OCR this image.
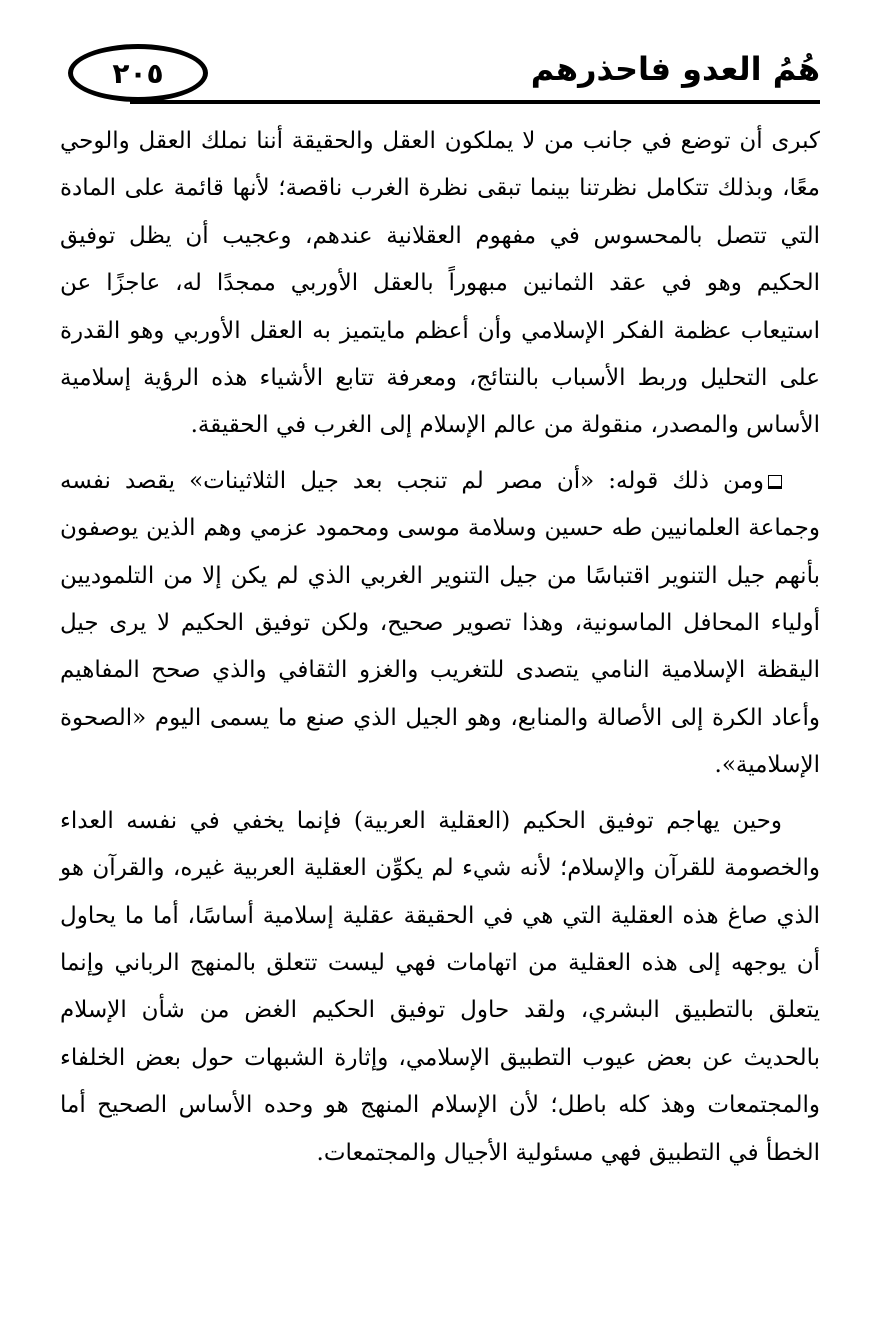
٢٠٥	هُمُ العدو فاحذرهم

كبرى أن توضع في جانب من لا يملكون العقل والحقيقة أننا نملك العقل والوحي معًا، وبذلك تتكامل نظرتنا بينما تبقى نظرة الغرب ناقصة؛ لأنها قائمة على المادة التي تتصل بالمحسوس في مفهوم العقلانية عندهم، وعجيب أن يظل توفيق الحكيم وهو في عقد الثمانين مبهوراً بالعقل الأوربي ممجدًا له، عاجزًا عن استيعاب عظمة الفكر الإسلامي وأن أعظم مايتميز به العقل الأوربي وهو القدرة على التحليل وربط الأسباب بالنتائج، ومعرفة تتابع الأشياء هذه الرؤية إسلامية الأساس والمصدر، منقولة من عالم الإسلام إلى الغرب في الحقيقة.

ومن ذلك قوله: «أن مصر لم تنجب بعد جيل الثلاثينات» يقصد نفسه وجماعة العلمانيين طه حسين وسلامة موسى ومحمود عزمي وهم الذين يوصفون بأنهم جيل التنوير اقتباسًا من جيل التنوير الغربي الذي لم يكن إلا من التلموديين أولياء المحافل الماسونية، وهذا تصوير صحيح، ولكن توفيق الحكيم لا يرى جيل اليقظة الإسلامية النامي يتصدى للتغريب والغزو الثقافي والذي صحح المفاهيم وأعاد الكرة إلى الأصالة والمنابع، وهو الجيل الذي صنع ما يسمى اليوم «الصحوة الإسلامية».

وحين يهاجم توفيق الحكيم (العقلية العربية) فإنما يخفي في نفسه العداء والخصومة للقرآن والإسلام؛ لأنه شيء لم يكوِّن العقلية العربية غيره، والقرآن هو الذي صاغ هذه العقلية التي هي في الحقيقة عقلية إسلامية أساسًا، أما ما يحاول أن يوجهه إلى هذه العقلية من اتهامات فهي ليست تتعلق بالمنهج الرباني وإنما يتعلق بالتطبيق البشري، ولقد حاول توفيق الحكيم الغض من شأن الإسلام بالحديث عن بعض عيوب التطبيق الإسلامي، وإثارة الشبهات حول بعض الخلفاء والمجتمعات وهذ كله باطل؛ لأن الإسلام المنهج هو وحده الأساس الصحيح أما الخطأ في التطبيق فهي مسئولية الأجيال والمجتمعات.
